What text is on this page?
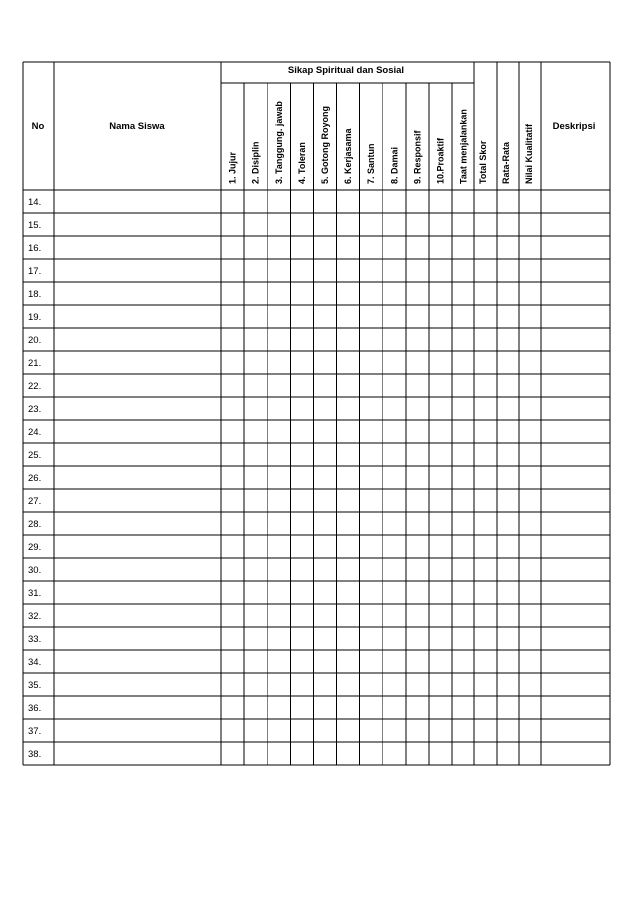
No	Nama Siswa
Sikap Spiritual dan Sosial
Deskripsi
1. Jujur 2. Disiplin 3. Tanggung. jawab 4. Toleran 5. Gotong Royong 6. Kerjasama 7. Santun 8. Damai 9. Responsif 10.Proaktif Taat menjalankan Total Skor Rata-Rata Nilai Kualitatif
14.
15.
16.
17.
18.
19.
20.
21.
22.
23.
24.
25.
26.
27.
28.
29.
30.
31.
32.
33.
34.
35.
36.
37.
38.
